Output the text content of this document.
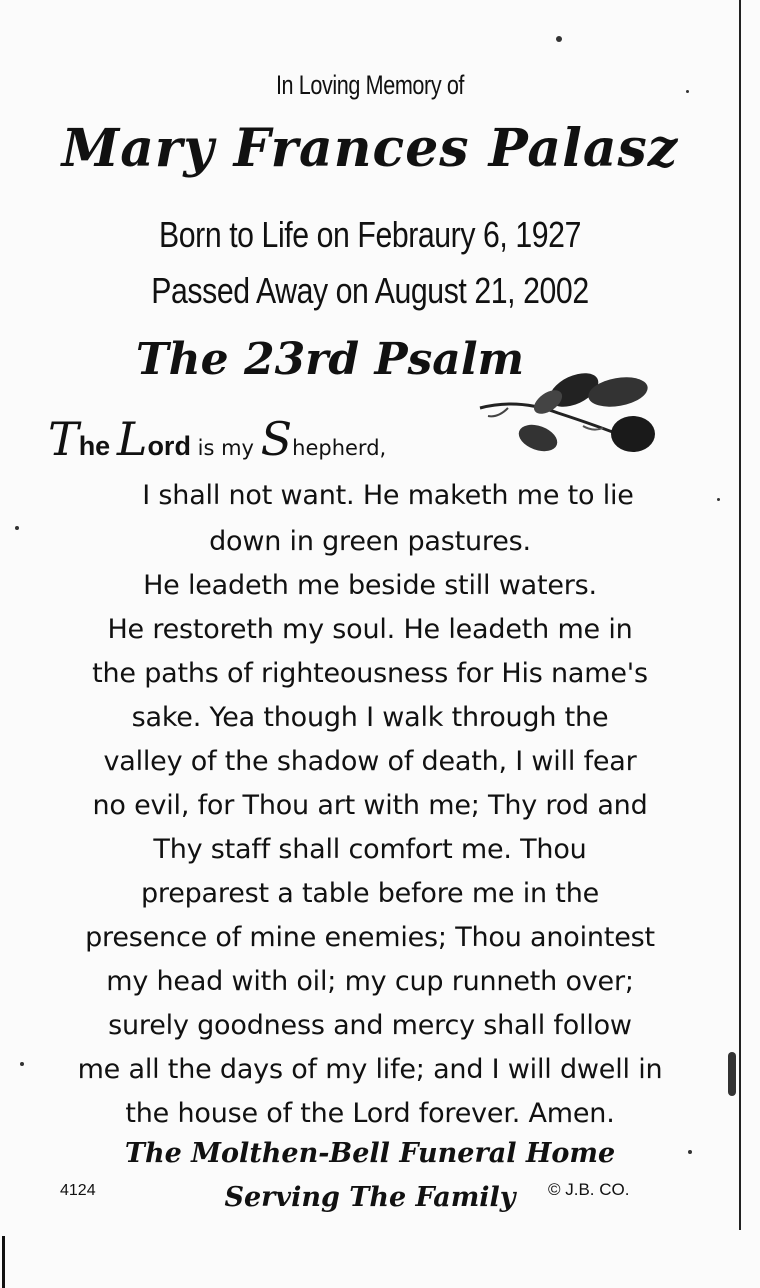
In Loving Memory of
Mary Frances Palasz
Born to Life on Febraury 6, 1927
Passed Away on August 21, 2002
The 23rd Psalm
The Lord is my Shepherd,
I shall not want. He maketh me to lie
down in green pastures.
He leadeth me beside still waters.
He restoreth my soul. He leadeth me in
the paths of righteousness for His name's
sake. Yea though I walk through the
valley of the shadow of death, I will fear
no evil, for Thou art with me; Thy rod and
Thy staff shall comfort me. Thou
preparest a table before me in the
presence of mine enemies; Thou anointest
my head with oil; my cup runneth over;
surely goodness and mercy shall follow
me all the days of my life; and I will dwell in
the house of the Lord forever. Amen.
The Molthen-Bell Funeral Home
Serving The Family
4124	© J.B. CO.
